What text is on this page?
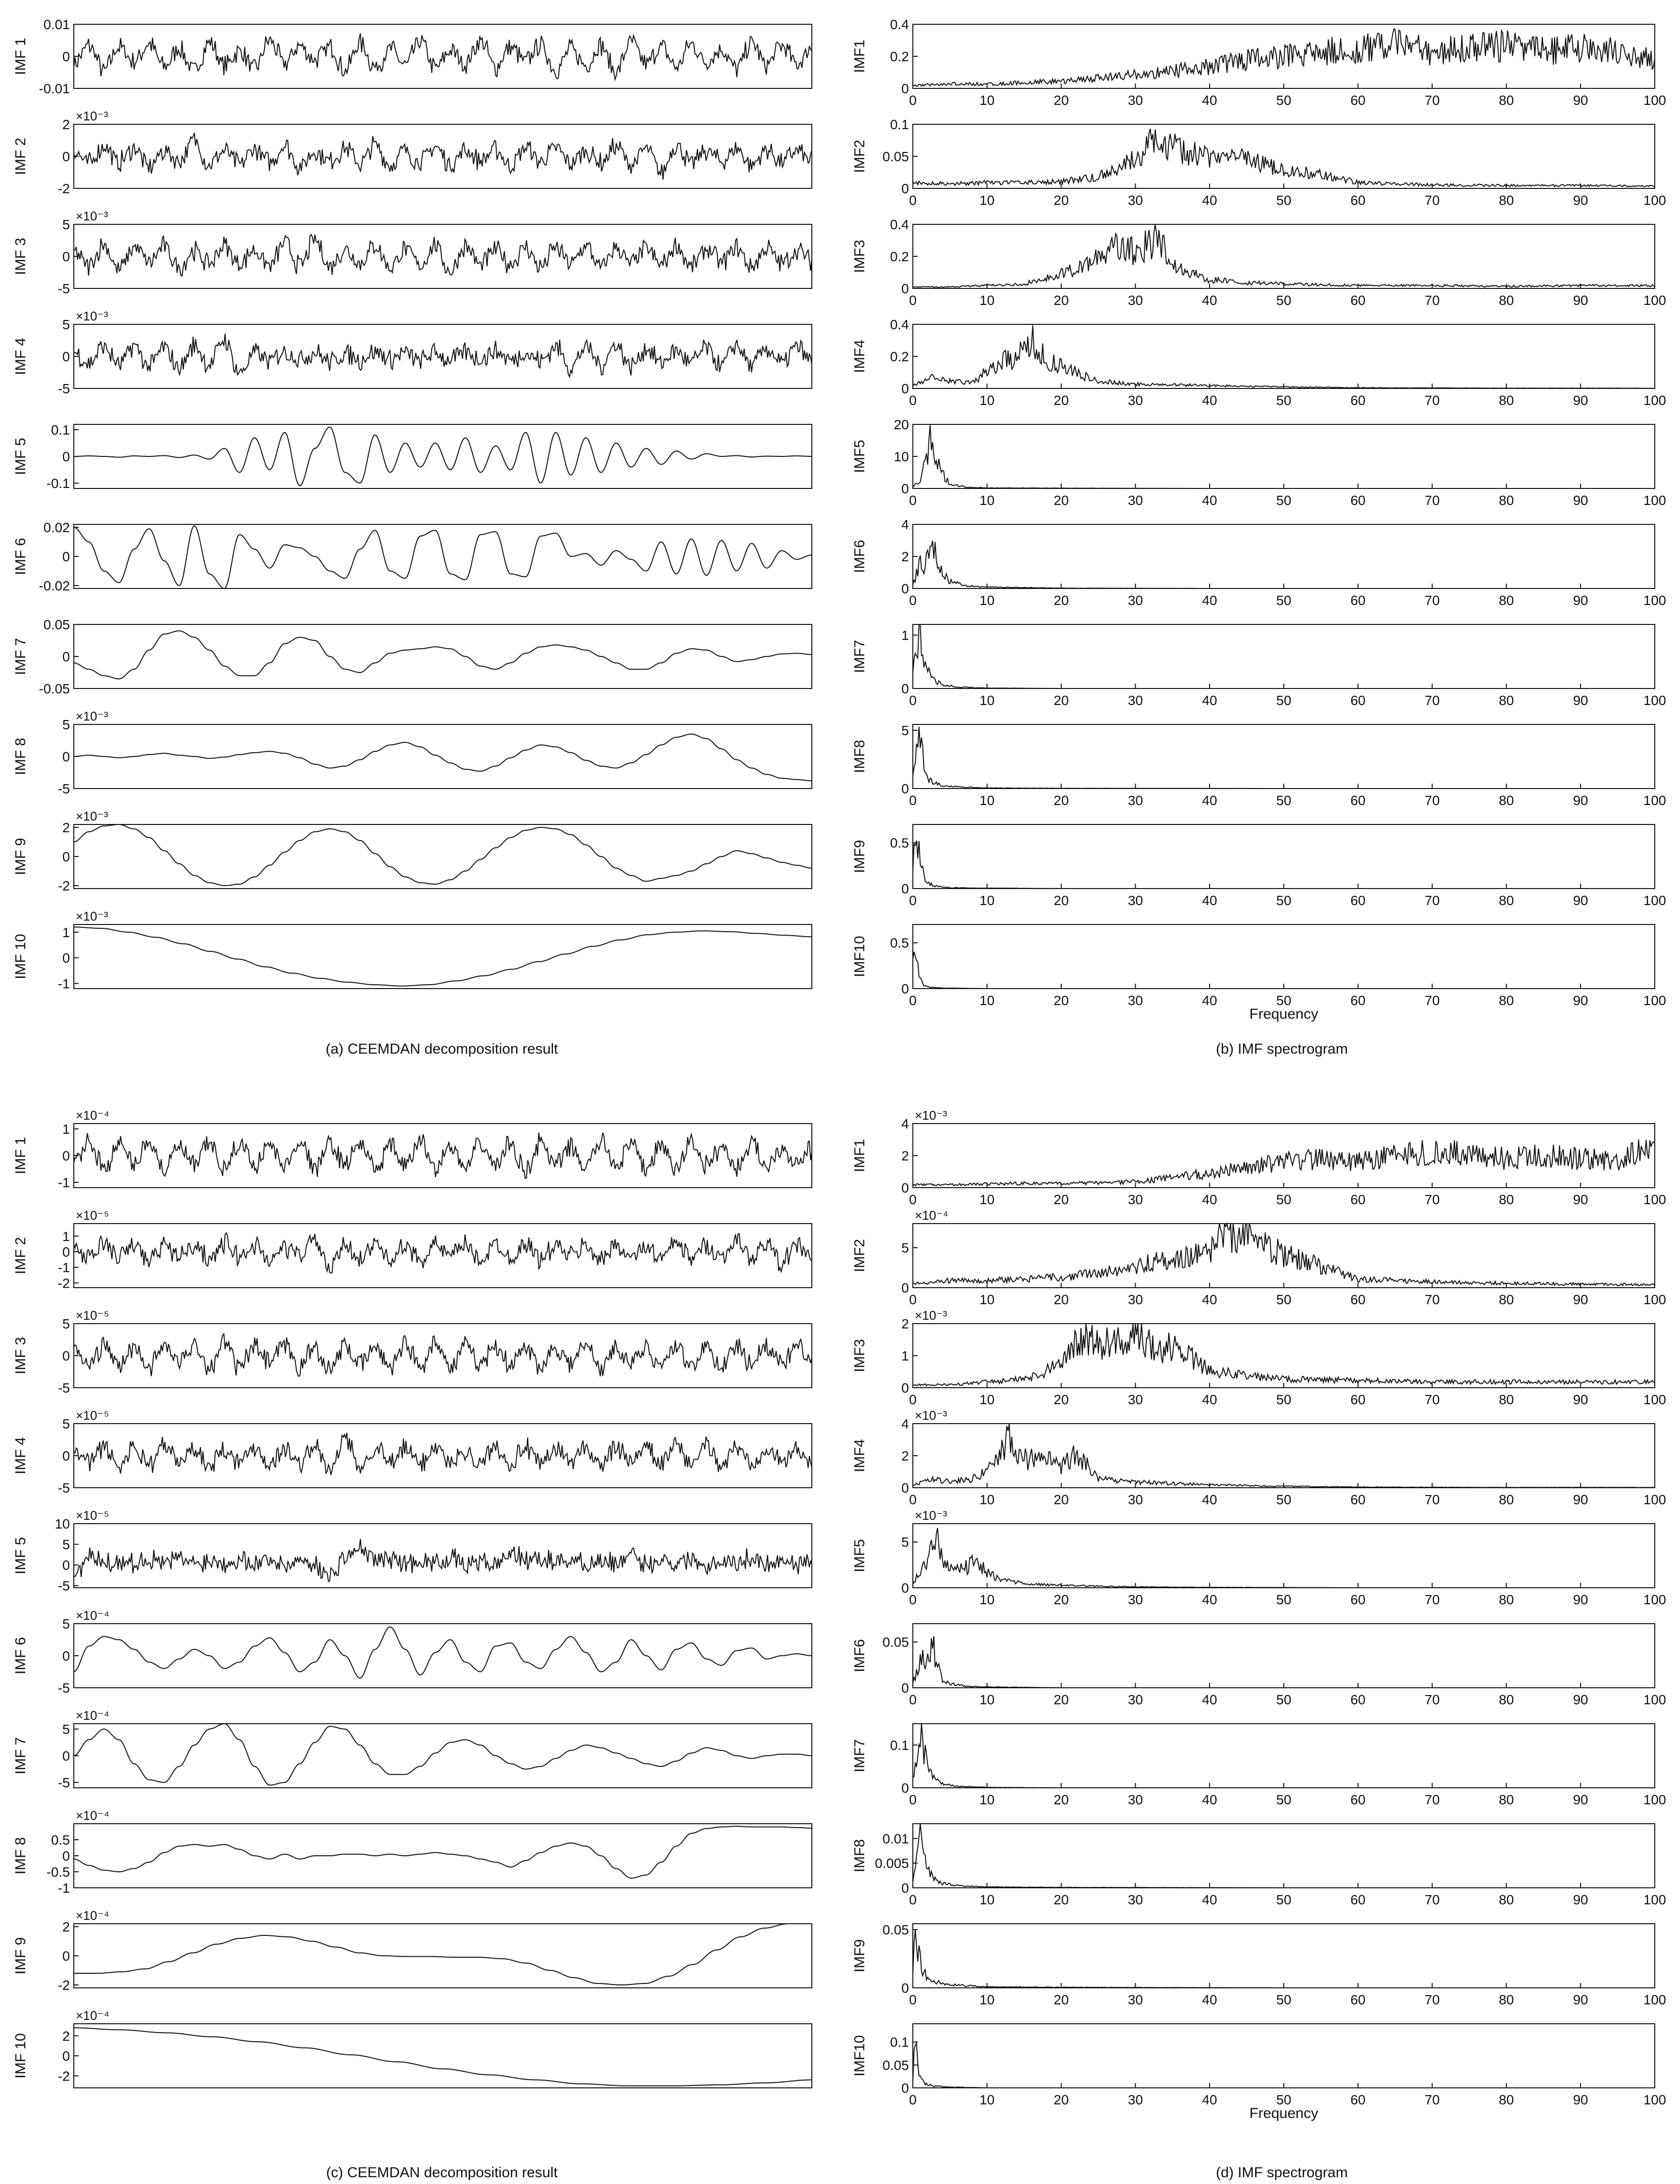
0.01
0
-0.01
IMF 1
2
0
-2
×10⁻³
IMF 2
5
0
-5
×10⁻³
IMF 3
5
0
-5
×10⁻³
IMF 4
0.1
0
-0.1
IMF 5
0.02
0
-0.02
IMF 6
0.05
0
-0.05
IMF 7
5
0
-5
×10⁻³
IMF 8
2
0
-2
×10⁻³
IMF 9
1
0
-1
×10⁻³
IMF 10
0.4
0.2
0
IMF1
0	10	20	30	40	50	60	70	80	90	100
0.1
0.05
0
IMF2
0	10	20	30	40	50	60	70	80	90	100
0.4
0.2
0
IMF3
0	10	20	30	40	50	60	70	80	90	100
0.4
0.2
0
IMF4
0	10	20	30	40	50	60	70	80	90	100
20
10
0
IMF5
0	10	20	30	40	50	60	70	80	90	100
4
2
0
IMF6
0	10	20	30	40	50	60	70	80	90	100
1
0
IMF7
0	10	20	30	40	50	60	70	80	90	100
5
0
IMF8
0	10	20	30	40	50	60	70	80	90	100
0.5
0
IMF9
0	10	20	30	40	50	60	70	80	90	100
0.5
0
IMF10
0	10	20	30	40	50	60	70	80	90	100
Frequency
1
0
-1
×10⁻⁴
IMF 1
1
0
-1
-2
×10⁻⁵
IMF 2
5
0
-5
×10⁻⁵
IMF 3
5
0
-5
×10⁻⁵
IMF 4
10
5
0
-5
×10⁻⁵
IMF 5
5
0
-5
×10⁻⁴
IMF 6
5
0
-5
×10⁻⁴
IMF 7
0.5
0
-0.5
-1
×10⁻⁴
IMF 8
2
0
-2
×10⁻⁴
IMF 9
2
0
-2
×10⁻⁴
IMF 10
4
2
0
×10⁻³
IMF1
0	10	20	30	40	50	60	70	80	90	100
5
0
×10⁻⁴
IMF2
0	10	20	30	40	50	60	70	80	90	100
2
1
0
×10⁻³
IMF3
0	10	20	30	40	50	60	70	80	90	100
4
2
0
×10⁻³
IMF4
0	10	20	30	40	50	60	70	80	90	100
5
0
×10⁻³
IMF5
0	10	20	30	40	50	60	70	80	90	100
0.05
0
IMF6
0	10	20	30	40	50	60	70	80	90	100
0.1
0
IMF7
0	10	20	30	40	50	60	70	80	90	100
0.01
0.005
0
IMF8
0	10	20	30	40	50	60	70	80	90	100
0.05
0
IMF9
0	10	20	30	40	50	60	70	80	90	100
0.1
0.05
0
IMF10
0	10	20	30	40	50	60	70	80	90	100
Frequency
(a) CEEMDAN decomposition result	(b) IMF spectrogram
(c) CEEMDAN decomposition result	(d) IMF spectrogram
